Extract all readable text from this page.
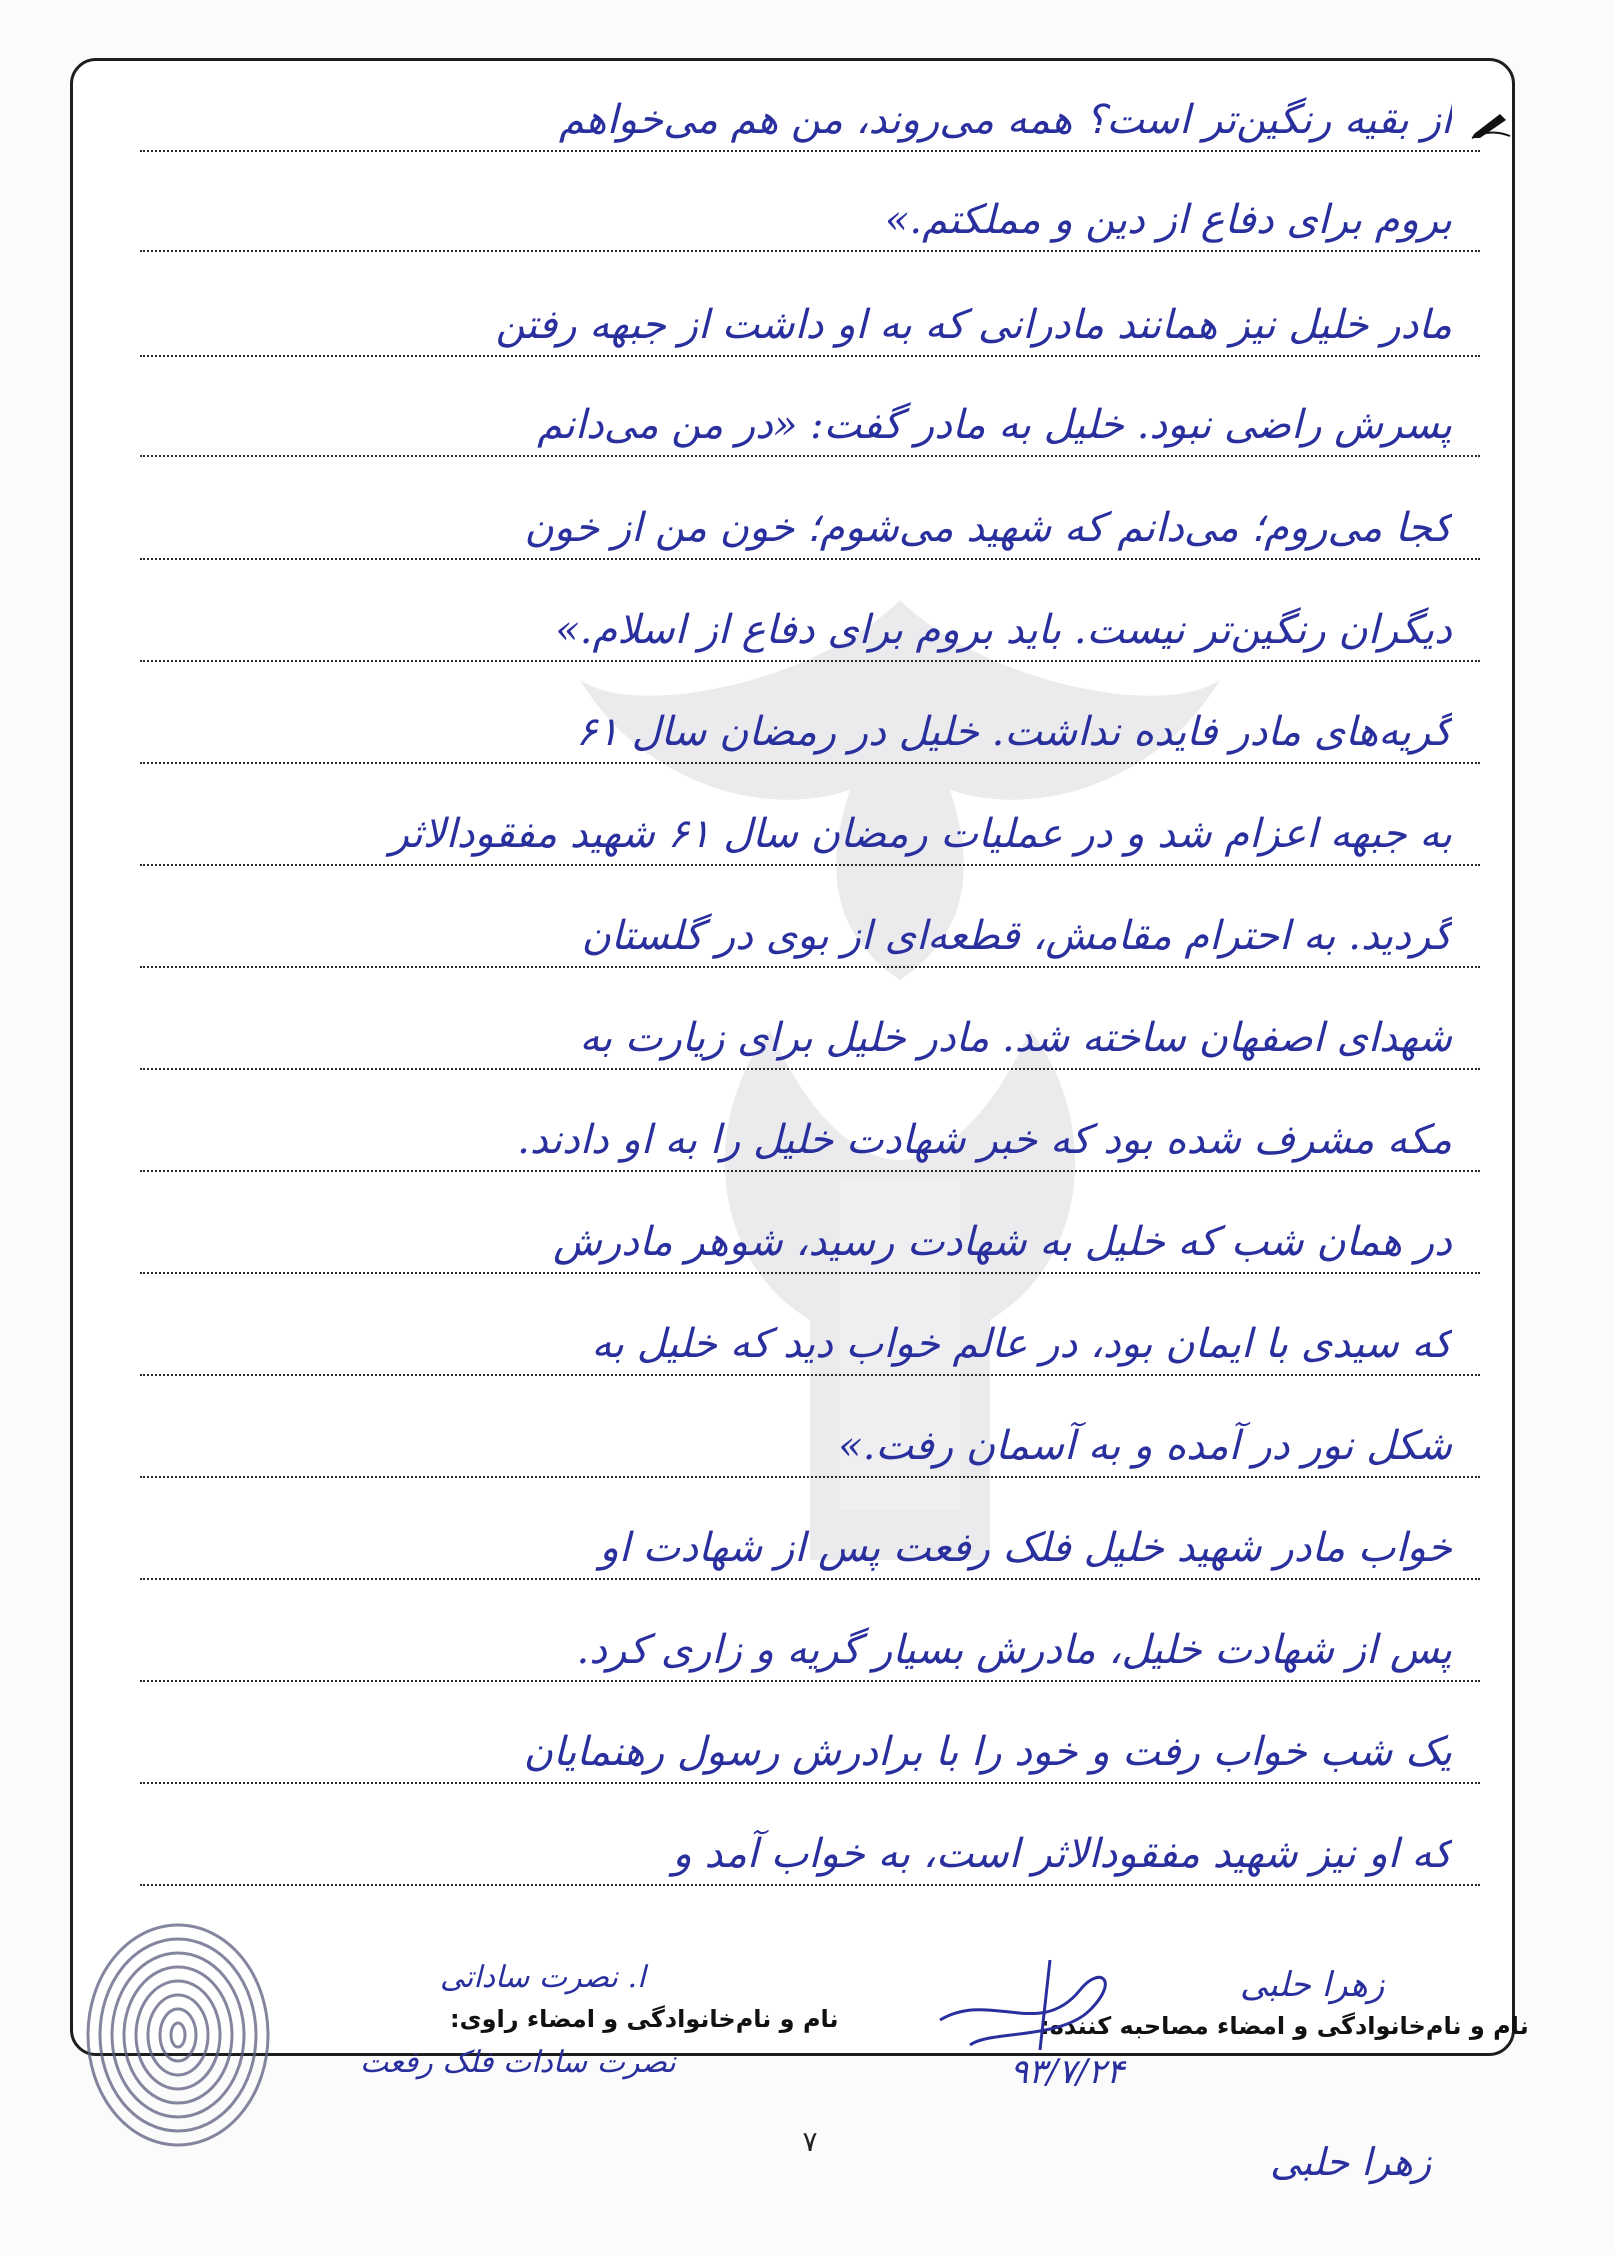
از بقیه رنگین‌تر است؟ همه می‌روند، من هم می‌خواهم
بروم برای دفاع از دین و مملکتم.»
مادر خلیل نیز همانند مادرانی که به او داشت از جبهه رفتن
پسرش راضی نبود. خلیل به مادر گفت: «در من می‌دانم
کجا می‌روم؛ می‌دانم که شهید می‌شوم؛ خون من از خون
دیگران رنگین‌تر نیست. باید بروم برای دفاع از اسلام.»
گریه‌های مادر فایده نداشت. خلیل در رمضان سال ۶۱
به جبهه اعزام شد و در عملیات رمضان سال ۶۱ شهید مفقودالاثر
گردید. به احترام مقامش، قطعه‌ای از بوی در گلستان
شهدای اصفهان ساخته شد. مادر خلیل برای زیارت به
مکه مشرف شده بود که خبر شهادت خلیل را به او دادند.
در همان شب که خلیل به شهادت رسید، شوهر مادرش
که سیدی با ایمان بود، در عالم خواب دید که خلیل به
شکل نور در آمده و به آسمان رفت.»
خواب مادر شهید خلیل فلک رفعت پس از شهادت او
پس از شهادت خلیل، مادرش بسیار گریه و زاری کرد.
یک شب خواب رفت و خود را با برادرش رسول رهنمایان
که او نیز شهید مفقودالاثر است، به خواب آمد و
ا. نصرت ساداتی
نام و نام‌خانوادگی و امضاء راوی:
نصرت سادات فلک رفعت
زهرا حلبی
نام و نام‌خانوادگی و امضاء مصاحبه کننده:
۹۳/۷/۲۴
زهرا حلبی
۷
